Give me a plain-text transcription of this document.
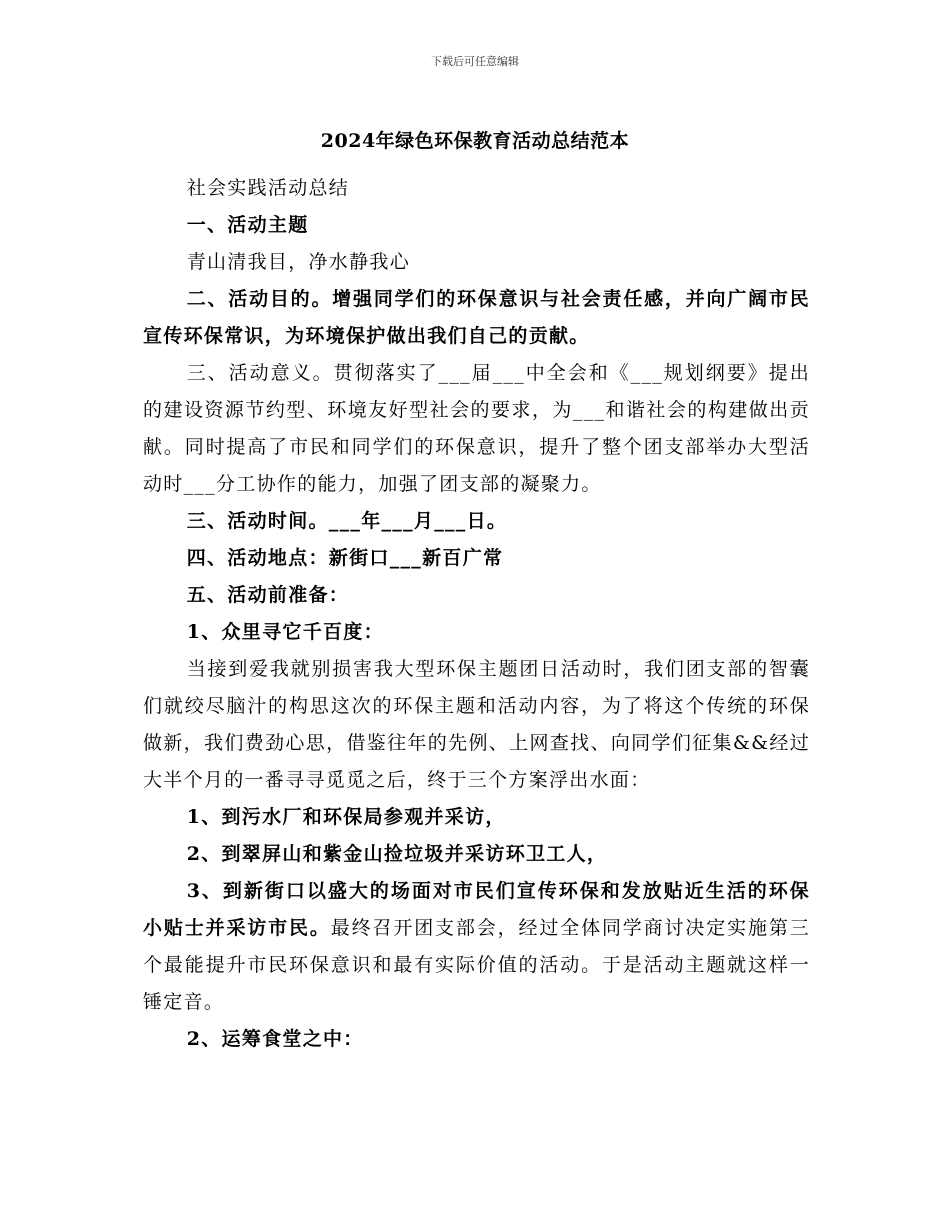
下载后可任意编辑
2024年绿色环保教育活动总结范本

社会实践活动总结

一、活动主题

青山清我目，净水静我心

二、活动目的。增强同学们的环保意识与社会责任感，并向广阔市民宣传环保常识，为环境保护做出我们自己的贡献。

三、活动意义。贯彻落实了___届___中全会和《___规划纲要》提出的建设资源节约型、环境友好型社会的要求，为___和谐社会的构建做出贡献。同时提高了市民和同学们的环保意识，提升了整个团支部举办大型活动时___分工协作的能力，加强了团支部的凝聚力。

三、活动时间。___年___月___日。

四、活动地点：新街口___新百广常

五、活动前准备：

1、众里寻它千百度：

当接到爱我就别损害我大型环保主题团日活动时，我们团支部的智囊们就绞尽脑汁的构思这次的环保主题和活动内容，为了将这个传统的环保做新，我们费劲心思，借鉴往年的先例、上网查找、向同学们征集&&经过大半个月的一番寻寻觅觅之后，终于三个方案浮出水面：

1、到污水厂和环保局参观并采访，

2、到翠屏山和紫金山捡垃圾并采访环卫工人，

3、到新街口以盛大的场面对市民们宣传环保和发放贴近生活的环保小贴士并采访市民。最终召开团支部会，经过全体同学商讨决定实施第三个最能提升市民环保意识和最有实际价值的活动。于是活动主题就这样一锤定音。

2、运筹食堂之中：
